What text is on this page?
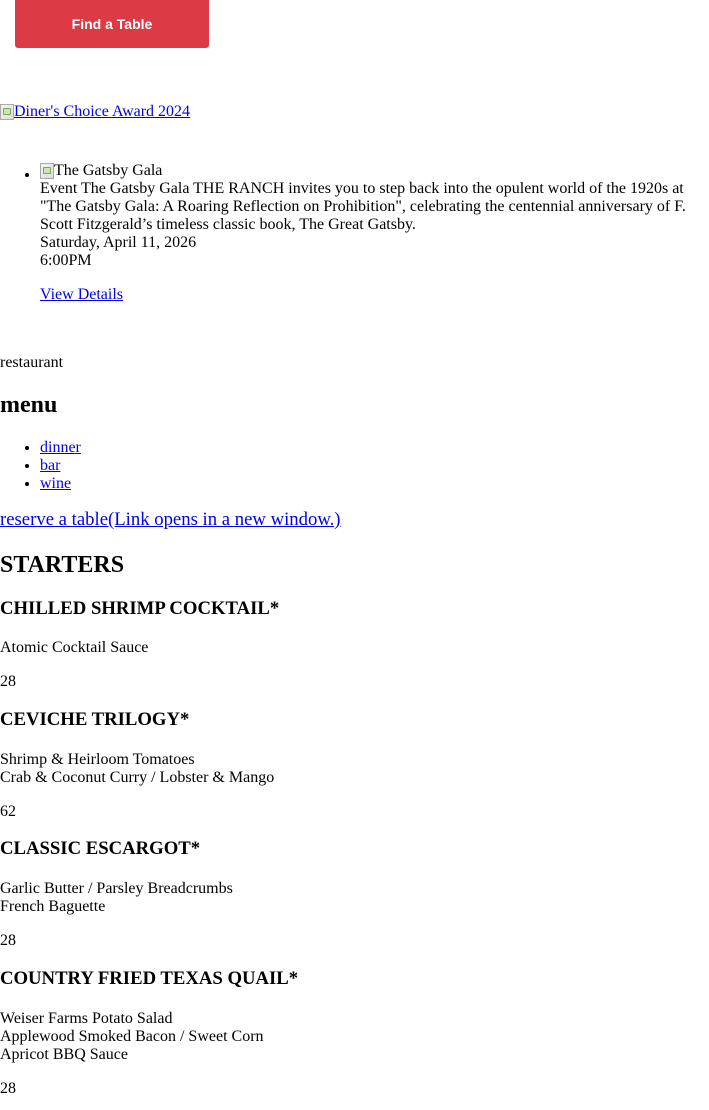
Find a Table
Diner's Choice Award 2024
• The Gatsby Gala
Event The Gatsby Gala THE RANCH invites you to step back into the opulent world of the 1920s at "The Gatsby Gala: A Roaring Reflection on Prohibition", celebrating the centennial anniversary of F. Scott Fitzgerald’s timeless classic book, The Great Gatsby.
Saturday, April 11, 2026
6:00PM
View Details
restaurant
menu
• dinner
• bar
• wine
reserve a table(Link opens in a new window.)
STARTERS
CHILLED SHRIMP COCKTAIL*
Atomic Cocktail Sauce
28
CEVICHE TRILOGY*
Shrimp & Heirloom Tomatoes
Crab & Coconut Curry / Lobster & Mango
62
CLASSIC ESCARGOT*
Garlic Butter / Parsley Breadcrumbs
French Baguette
28
COUNTRY FRIED TEXAS QUAIL*
Weiser Farms Potato Salad
Applewood Smoked Bacon / Sweet Corn
Apricot BBQ Sauce
28
